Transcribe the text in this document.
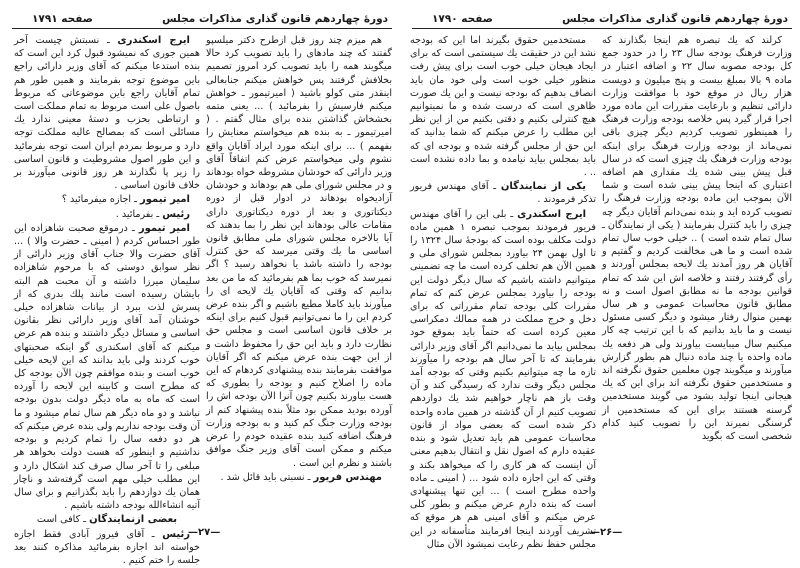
دورهٔ چهاردهم قانون گذاری
مذاکرات مجلس
صفحه ۱۷۹۱

هم میزم چند روز قبل ازطرح دکتر میلسپو گفتند که چند مادهای را باید تصویب کرد حالا میگویند همه را باید تصویب کرد امروز تصمیم بخلافش گرفتند پس خواهش میکنم جنابعالی اینقدر متی کولو باشید ( امیرتیمور ـ خواهش میکنم فارسیش را بفرمائید ) ... یعنی متمه بخشخاش گذاشتن بنده برای مثال گفتم . ( امیرتیمور ـ به بنده هم میخواستم معنایش را بفهمم ) ... برای اینکه مورد ایراد آقایان واقع نشوم ولی میخواستم عرض کنم اتفاقاً آقای وزیر دارائی که خودشان مشروطه خواه بودهاند و در مجلس شورای ملی هم بودهاند و خودشان آزادیخواه بودهاند در ادوار قبل از دوره دیکتاتوری و بعد از دوره دیکتاتوری دارای مقامات عالی بودهاند این نظر را بما بدهند که آیا بالاخره مجلس شورای ملی مطابق قانون اساسی ما یك وقتی میرسد که حق کنترل بودجه را داشته باشد یا نخواهد رسید ؟ اگر نمیرسد که خوب بما هم بفرمائید که ما من بعد بدانیم که وقتی که آقایان یك لایحه ای را میآورند باید کاملا مطیع باشیم و اگر بنده عرض کردم این را ما نمی‌توانیم قبول کنیم برای اینکه بر خلاف قانون اساسی است و مجلس حق نظارت دارد و باید این حق را محفوظ داشت و از این جهت بنده عرض میکنم که اگر آقایان موافقت بفرمایند بنده پیشنهادی کردهام که این ماده را اصلاح کنیم و بودجه را بطوری که هست بیاورند بکنیم چون آنرا الآن بودجه اش را آورده بودید ممکن بود مثلاً بنده پیشنهاد کنم از بودجه وزارت جنگ کم کنید و به بودجه وزارت فرهنگ اضافه کنید بنده عقیده خودم را عرض میکنم و ممکن است آقای وزیر جنگ موافق باشند و نظرم این است .

مهندس فریور ـ نسبتی باید قائل شد .

ایرج اسکندری ـ نسبتش چیست آخر همین جوری که نمیشود قبول کرد این است که بنده استدعا میکنم که آقای وزیر دارائی راجع باین موضوع توجه بفرمایند و همین طور هم تمام آقایان راجع باین موضوعاتی که مربوط باصول علی است مربوط به تمام مملکت است و ارتباطی بحزب و دستهٔ معینی ندارد یك مسائلی است که بمصالح عالیه مملکت توجه دارد و مربوط بمردم ایران است توجه بفرمائید و این طور اصول مشروطیت و قانون اساسی را زیر پا نگذارند هر روز قانونی میآورند بر خلاف قانون اساسی .

امیر تیمور ـ اجازه میفرمائید ؟

رئیس ـ بفرمائید .

امیر تیمور ـ درموقع صحبت شاهزاده این طور احساس کردم ( امینی ـ حضرت والا ) ... آقای حضرت والا جناب آقای وزیر دارائی از نظر سوابق دوستی که با مرحوم شاهزاده سلیمان میرزا داشته و آن محبت هم البته بایشان رسیده است مانند پلك بدری که از پسرش لذت ببرد از بیانات شاهزاده خیلی خوشنان آمد آقای وزیر دارائی نظر بقانون اساسی و مسائل دیگر داشتند و بنده هم عرض میکنم که آقای اسکندری گو اینکه صحبتهای خوب کردند ولی باید بدانند که این لایحه خیلی خوب است و بنده موافقم چون الآن بودجه کل که مطرح است و کابینه این لایحه را آورده است که ماه به ماه دیگر دولت بدون بودجه نباشد و دو ماه دیگر هم سال تمام میشود و ما آن وقت بودجه نداریم ولی بنده عرض میکنم که هر دو دفعه سال را تمام کردیم و بودجه نداشتیم و اینطور که هست دولت بخواهد هر مبلغی را تا آخر سال صرف کند اشکال دارد و این مطلب خیلی مهم است گرفته‌شد و ناچار همان یك دوازدهم را باید بگذرانیم و برای سال آتیه انشاءالله بودجه داشته باشیم .

بعضی ازنمایندگان ـ کافی است

رئیس ـ آقای فیروز آبادی فقط اجازه خواسته اند اجازه بفرمائید مذاکره کنند بعد جلسه را ختم کنیم .

—۲۷—
دورهٔ چهاردهم قانون گذاری
مذاکرات مجلس
صفحه ۱۷۹۰

کرلند که یك تبصره هم اینجا بگذارند که وزارت فرهنگ بودجه سال ۲۳ را در حدود جمع کل بودجه مصوبه سال ۲۲ و اضافه اعتبار در ماده ۹ بالا بمبلغ بیست و پنج میلیون و دویست هزار ریال در موقع خود با موافقت وزارت دارائی تنظیم و بارعایت مقررات این ماده مورد اجرا قرار گیرد پس خلاصه بودجه وزارت فرهنگ را همینطور تصویب کردیم دیگر چیزی باقی نمی‌ماند از بودجه وزارت فرهنگ برای اینکه بودجه وزارت فرهنگ یك چیزی است که در سال قبل پیش بینی شده یك مقداری هم اضافه اعتباری که اینجا پیش بینی شده است و شما الآن بموجب این ماده بودجه وزارت فرهنگ را تصویب کرده اید و بنده نمی‌دانم آقایان دیگر چه چیزی را باید کنترل بفرمایند ( یکی از نمایندگان ـ سال تمام شده است ) .. خیلی خوب سال تمام شده است و ما هی مخالفت کردیم و گفتیم و آقایان هر روز آمدند یك لایحه بمجلس آوردند و رأی گرفتند رفتند و خلاصه اش این شد که تمام قوانین بودجه ما نه مطابق اصول است و نه مطابق قانون محاسبات عمومی و هر سال بهمین منوال رفتار میشود و دیگر کسی مسئول نیست و ما باید بدانیم که با این ترتیب چه کار میکنیم سال میبایست بیاورند ولی هر دفعه یك ماده واحده یا چند ماده دنبال هم بطور گزارش میآورند و میگویند چون معلمین حقوق نگرفته اند و مستخدمین حقوق نگرفته اند برای این که یك هیجانی اینجا تولید بشود می گویند مستخدمین گرسنه هستند برای این که مستخدمین از گرسنگی نمیرند این را تصویب کنید کدام شخصی است که بگوید

مستخدمین حقوق بگیرند اما این که بودجه نشد این در حقیقت یك سیستمی است که برای ایجاد هیجان خیلی خوب است برای پیش رفت منظور خیلی خوب است ولی خود مان باید انصاف بدهیم که بودجه نیست و این یك صورت ظاهری است که درست شده و ما نمیتوانیم هیچ کنترلی بکنیم و دقتی بکنیم من از این نظر این مطلب را عرض میکنم که شما بدانید که این حق از مجلس گرفته شده و بودجه ای که باید بمجلس بیاید نیامده و بما داده نشده است .. .

یکی از نمایندگان ـ آقای مهندس فریور تذکر فرمودند .

ایرج اسکندری ـ بلی این را آقای مهندس فریور فرمودند بموجب تبصره ۱ همین ماده دولت مکلف بوده است که بودجهٔ سال ۱۳۲۴ را تا اول بهمن ۲۴ بیاورد بمجلس شورای ملی و همین الآن هم تخلف کرده است ما چه تضمینی میتوانیم داشته باشیم که سال دیگر دولت این بودجه را بیاورد بمجلس عرض کنم که تمام مقررات کلی بودجه تمام مقرراتی که برای دخل و خرج مملکت در همه ممالك دمکراسی معین کرده است که حتماً باید بموقع خود بمجلس بیاید ما نمی‌دانیم اگر آقای وزیر دارائی بفرمایند که تا آخر سال هم بودجه را میآورند تازه ما چه میتوانیم بکنیم وقتی که بودجه آمد مجلس دیگر وقت ندارد که رسیدگی کند و آن وقت باز هم ناچار خواهیم شد یك دوازدهم تصویب کنیم از آن گذشته در همین ماده واحده ذکر شده است که بعضی مواد از قانون محاسبات عمومی هم باید تعدیل شود و بنده عقیده دارم که اصول نقل و انتقال بدهیم معنی آن اینست که هر کاری را که میخواهد بکند و وقتی که این اجازه داده شود ... ( امینی ـ ماده واحده مطرح است ) ... این تنها پیشنهادی است که بنده دارم عرض میکنم و بطور کلی عرض میکنم و آقای امینی هم هر موقع که تشریف آوردند اینجا افرمایند متأسفانه در این مجلس حفظ نظم رعایت نمیشود الآن مثال

—۲۶—
